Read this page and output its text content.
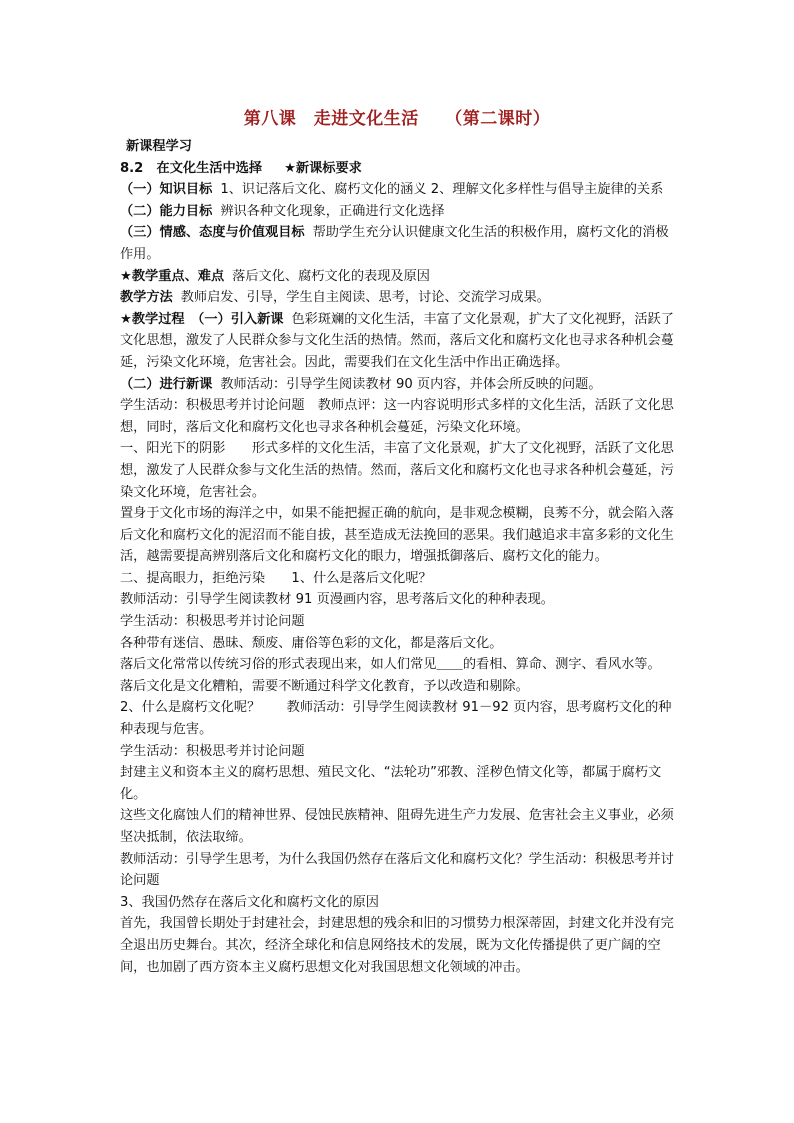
第八课　走进文化生活　　（第二课时）

新课程学习

8.2　在文化生活中选择 ★新课标要求

（一）知识目标 1、识记落后文化、腐朽文化的涵义 2、理解文化多样性与倡导主旋律的关系

（二）能力目标 辨识各种文化现象，正确进行文化选择

（三）情感、态度与价值观目标 帮助学生充分认识健康文化生活的积极作用，腐朽文化的消极作用。

★教学重点、难点 落后文化、腐朽文化的表现及原因

教学方法 教师启发、引导，学生自主阅读、思考，讨论、交流学习成果。

★教学过程　（一）引入新课 色彩斑斓的文化生活，丰富了文化景观，扩大了文化视野，活跃了文化思想，激发了人民群众参与文化生活的热情。然而，落后文化和腐朽文化也寻求各种机会蔓延，污染文化环境，危害社会。因此，需要我们在文化生活中作出正确选择。

（二）进行新课 教师活动：引导学生阅读教材 90 页内容，并体会所反映的问题。

学生活动：积极思考并讨论问题　教师点评：这一内容说明形式多样的文化生活，活跃了文化思想，同时，落后文化和腐朽文化也寻求各种机会蔓延，污染文化环境。

一、阳光下的阴影　　形式多样的文化生活，丰富了文化景观，扩大了文化视野，活跃了文化思想，激发了人民群众参与文化生活的热情。然而，落后文化和腐朽文化也寻求各种机会蔓延，污染文化环境，危害社会。

置身于文化市场的海洋之中，如果不能把握正确的航向，是非观念模糊，良莠不分，就会陷入落后文化和腐朽文化的泥沼而不能自拔，甚至造成无法挽回的恶果。我们越追求丰富多彩的文化生活，越需要提高辨别落后文化和腐朽文化的眼力，增强抵御落后、腐朽文化的能力。

二、提高眼力，拒绝污染　　1、什么是落后文化呢？

教师活动：引导学生阅读教材 91 页漫画内容，思考落后文化的种种表现。

学生活动：积极思考并讨论问题

各种带有迷信、愚昧、颓废、庸俗等色彩的文化，都是落后文化。

落后文化常常以传统习俗的形式表现出来，如人们常见＿＿的看相、算命、测字、看风水等。

落后文化是文化糟粕，需要不断通过科学文化教育，予以改造和剔除。

2、什么是腐朽文化呢？　　教师活动：引导学生阅读教材 91－92 页内容，思考腐朽文化的种种表现与危害。

学生活动：积极思考并讨论问题

封建主义和资本主义的腐朽思想、殖民文化、“法轮功”邪教、淫秽色情文化等，都属于腐朽文化。

这些文化腐蚀人们的精神世界、侵蚀民族精神、阻碍先进生产力发展、危害社会主义事业，必须坚决抵制，依法取缔。

教师活动：引导学生思考，为什么我国仍然存在落后文化和腐朽文化？学生活动：积极思考并讨论问题

3、我国仍然存在落后文化和腐朽文化的原因

首先，我国曾长期处于封建社会，封建思想的残余和旧的习惯势力根深蒂固，封建文化并没有完全退出历史舞台。其次，经济全球化和信息网络技术的发展，既为文化传播提供了更广阔的空间，也加剧了西方资本主义腐朽思想文化对我国思想文化领域的冲击。
